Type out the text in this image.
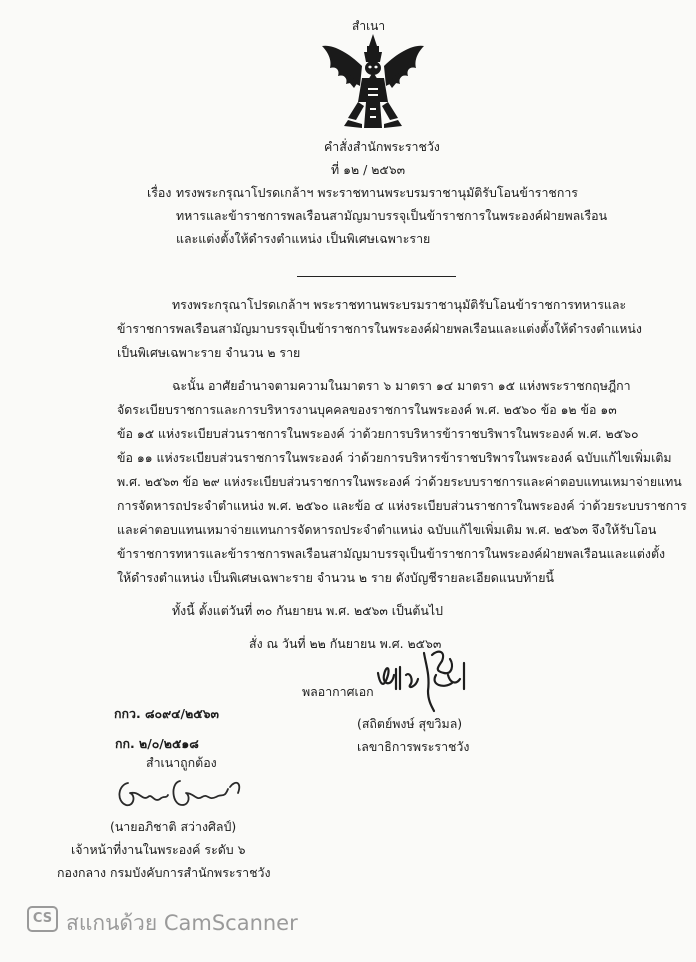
สำเนา
คำสั่งสำนักพระราชวัง
ที่ ๑๒ / ๒๕๖๓
เรื่อง ทรงพระกรุณาโปรดเกล้าฯ พระราชทานพระบรมราชานุมัติรับโอนข้าราชการ
ทหารและข้าราชการพลเรือนสามัญมาบรรจุเป็นข้าราชการในพระองค์ฝ่ายพลเรือน
และแต่งตั้งให้ดำรงตำแหน่ง เป็นพิเศษเฉพาะราย
ทรงพระกรุณาโปรดเกล้าฯ พระราชทานพระบรมราชานุมัติรับโอนข้าราชการทหารและ
ข้าราชการพลเรือนสามัญมาบรรจุเป็นข้าราชการในพระองค์ฝ่ายพลเรือนและแต่งตั้งให้ดำรงตำแหน่ง
เป็นพิเศษเฉพาะราย จำนวน ๒ ราย
ฉะนั้น อาศัยอำนาจตามความในมาตรา ๖ มาตรา ๑๔ มาตรา ๑๕ แห่งพระราชกฤษฎีกา
จัดระเบียบราชการและการบริหารงานบุคคลของราชการในพระองค์ พ.ศ. ๒๕๖๐ ข้อ ๑๒ ข้อ ๑๓
ข้อ ๑๕ แห่งระเบียบส่วนราชการในพระองค์ ว่าด้วยการบริหารข้าราชบริพารในพระองค์ พ.ศ. ๒๕๖๐
ข้อ ๑๑ แห่งระเบียบส่วนราชการในพระองค์ ว่าด้วยการบริหารข้าราชบริพารในพระองค์ ฉบับแก้ไขเพิ่มเติม
พ.ศ. ๒๕๖๓ ข้อ ๒๙ แห่งระเบียบส่วนราชการในพระองค์ ว่าด้วยระบบราชการและค่าตอบแทนเหมาจ่ายแทน
การจัดหารถประจำตำแหน่ง พ.ศ. ๒๕๖๐ และข้อ ๔ แห่งระเบียบส่วนราชการในพระองค์ ว่าด้วยระบบราชการ
และค่าตอบแทนเหมาจ่ายแทนการจัดหารถประจำตำแหน่ง ฉบับแก้ไขเพิ่มเติม พ.ศ. ๒๕๖๓ จึงให้รับโอน
ข้าราชการทหารและข้าราชการพลเรือนสามัญมาบรรจุเป็นข้าราชการในพระองค์ฝ่ายพลเรือนและแต่งตั้ง
ให้ดำรงตำแหน่ง เป็นพิเศษเฉพาะราย จำนวน ๒ ราย ดังบัญชีรายละเอียดแนบท้ายนี้
ทั้งนี้ ตั้งแต่วันที่ ๓๐ กันยายน พ.ศ. ๒๕๖๓ เป็นต้นไป
สั่ง ณ วันที่ ๒๒ กันยายน พ.ศ. ๒๕๖๓
พลอากาศเอก
(สถิตย์พงษ์ สุขวิมล)
เลขาธิการพระราชวัง
กกว. ๘๐๙๔/๒๕๖๓
กก. ๒/๐/๒๕๑๘
สำเนาถูกต้อง
(นายอภิชาติ สว่างศิลป์)
เจ้าหน้าที่งานในพระองค์ ระดับ ๖
กองกลาง กรมบังคับการสำนักพระราชวัง
CS สแกนด้วย CamScanner
